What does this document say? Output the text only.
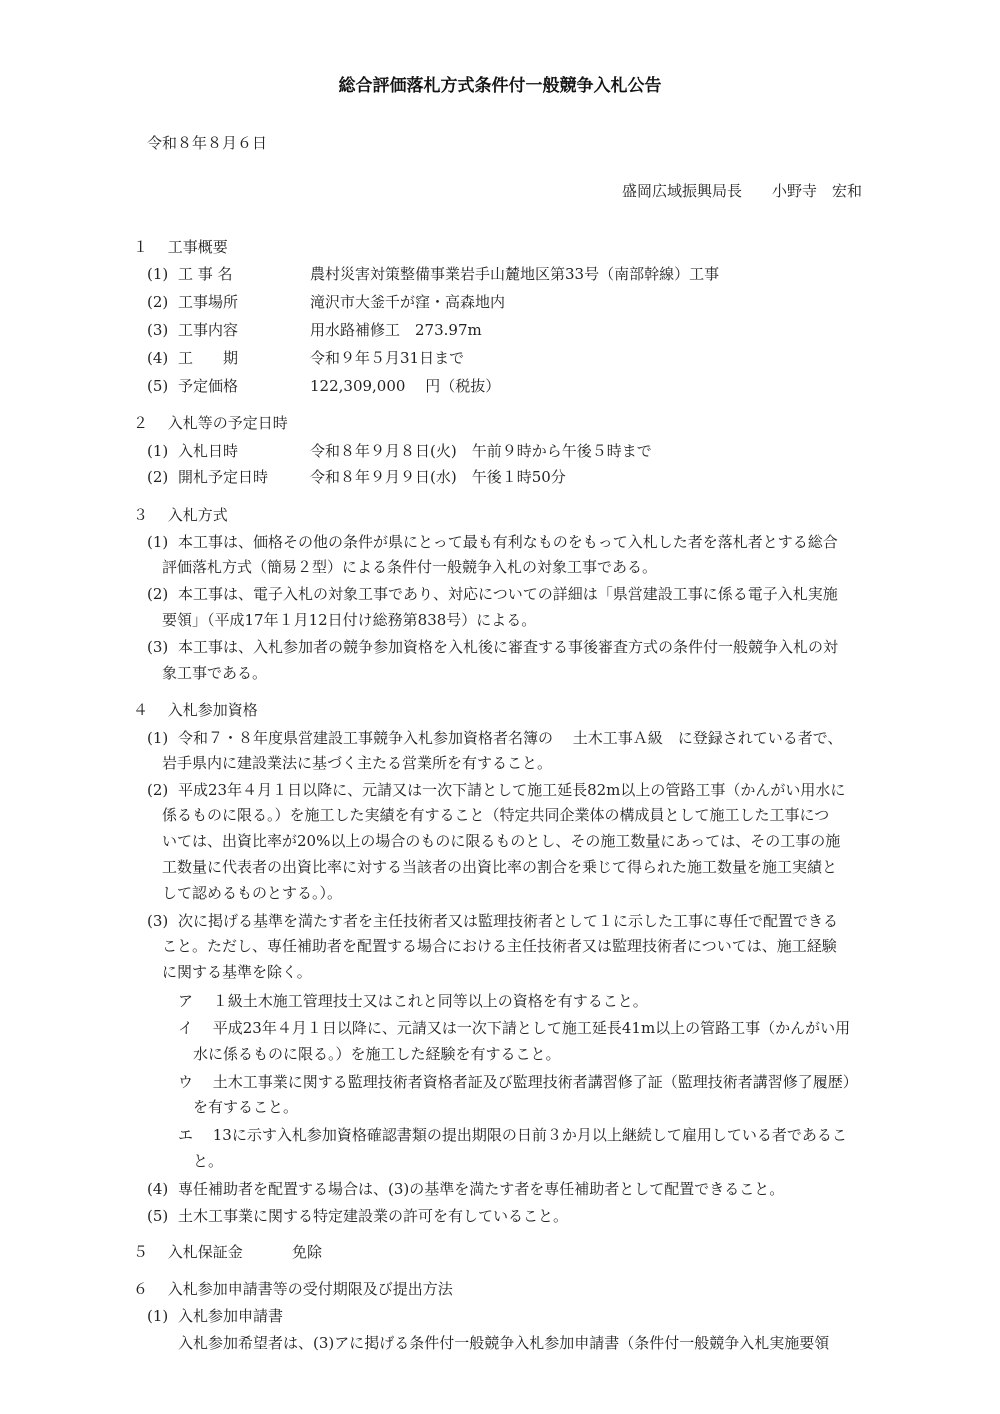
総合評価落札方式条件付一般競争入札公告
令和８年８月６日
盛岡広域振興局長　　小野寺　宏和
１　 工事概要
(1) 工 事 名	農村災害対策整備事業岩手山麓地区第33号（南部幹線）工事
(2) 工事場所	滝沢市大釜千が窪・高森地内
(3) 工事内容	用水路補修工　273.97m
(4) 工　　期	令和９年５月31日まで
(5) 予定価格	122,309,000　 円（税抜）
２　 入札等の予定日時
(1) 入札日時	令和８年９月８日(火)　午前９時から午後５時まで
(2) 開札予定日時	令和８年９月９日(水)　午後１時50分
３　 入札方式
(1) 本工事は、価格その他の条件が県にとって最も有利なものをもって入札した者を落札者とする総合
評価落札方式（簡易２型）による条件付一般競争入札の対象工事である。
(2) 本工事は、電子入札の対象工事であり、対応についての詳細は「県営建設工事に係る電子入札実施
要領」（平成17年１月12日付け総務第838号）による。
(3) 本工事は、入札参加者の競争参加資格を入札後に審査する事後審査方式の条件付一般競争入札の対
象工事である。
４　 入札参加資格
(1) 令和７・８年度県営建設工事競争入札参加資格者名簿の　 土木工事Ａ級　に登録されている者で、
岩手県内に建設業法に基づく主たる営業所を有すること。
(2) 平成23年４月１日以降に、元請又は一次下請として施工延長82m以上の管路工事（かんがい用水に
係るものに限る。）を施工した実績を有すること（特定共同企業体の構成員として施工した工事につ
いては、出資比率が20%以上の場合のものに限るものとし、その施工数量にあっては、その工事の施
工数量に代表者の出資比率に対する当該者の出資比率の割合を乗じて得られた施工数量を施工実績と
して認めるものとする。）。
(3) 次に掲げる基準を満たす者を主任技術者又は監理技術者として１に示した工事に専任で配置できる
こと。ただし、専任補助者を配置する場合における主任技術者又は監理技術者については、施工経験
に関する基準を除く。
ア　 １級土木施工管理技士又はこれと同等以上の資格を有すること。
イ　 平成23年４月１日以降に、元請又は一次下請として施工延長41m以上の管路工事（かんがい用
水に係るものに限る。）を施工した経験を有すること。
ウ　 土木工事業に関する監理技術者資格者証及び監理技術者講習修了証（監理技術者講習修了履歴）
を有すること。
エ　 13に示す入札参加資格確認書類の提出期限の日前３か月以上継続して雇用している者であるこ
と。
(4) 専任補助者を配置する場合は、(3)の基準を満たす者を専任補助者として配置できること。
(5) 土木工事業に関する特定建設業の許可を有していること。
５　 入札保証金	免除
６　 入札参加申請書等の受付期限及び提出方法
(1) 入札参加申請書
入札参加希望者は、(3)アに掲げる条件付一般競争入札参加申請書（条件付一般競争入札実施要領
